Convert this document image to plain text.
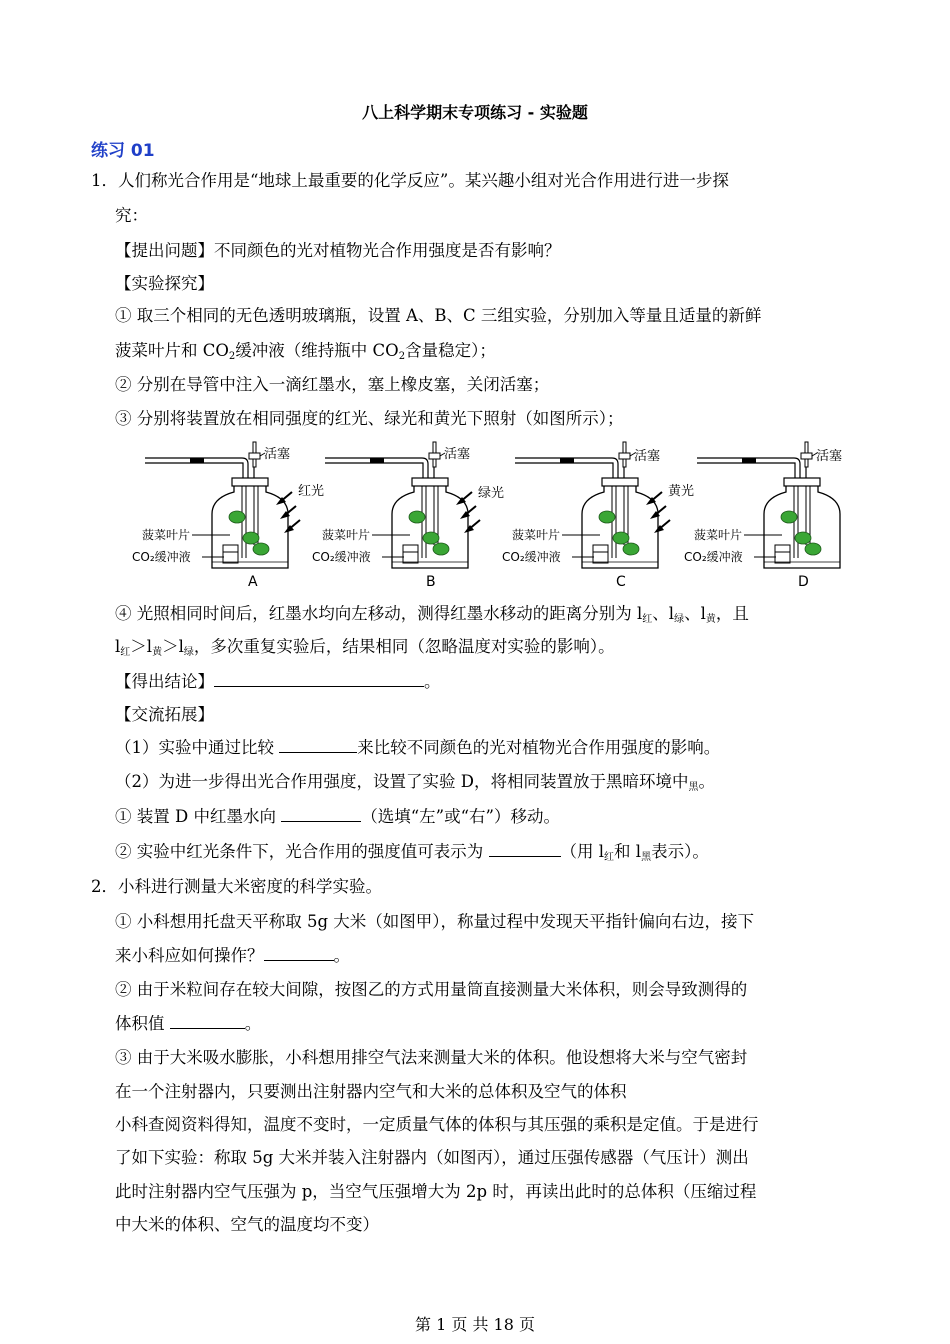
八上科学期末专项练习 - 实验题
练习 01
1．人们称光合作用是“地球上最重要的化学反应”。某兴趣小组对光合作用进行进一步探
究：
【提出问题】不同颜色的光对植物光合作用强度是否有影响？
【实验探究】
① 取三个相同的无色透明玻璃瓶，设置 A、B、C 三组实验，分别加入等量且适量的新鲜
菠菜叶片和 $CO_2$缓冲液（维持瓶中 $CO_2$含量稳定）；
② 分别在导管中注入一滴红墨水，塞上橡皮塞，关闭活塞；
③ 分别将装置放在相同强度的红光、绿光和黄光下照射（如图所示）；
活塞
红光
菠菜叶片
CO₂缓冲液
A
活塞
绿光
菠菜叶片
CO₂缓冲液
B
活塞
黄光
菠菜叶片
CO₂缓冲液
C
活塞
菠菜叶片
CO₂缓冲液
D
④ 光照相同时间后，红墨水均向左移动，测得红墨水移动的距离分别为 $l_红$、$l_绿$、$l_黄$，且
$l_红>l_黄>l_绿$，多次重复实验后，结果相同（忽略温度对实验的影响）。
【得出结论】	。
【交流拓展】
（1）实验中通过比较	来比较不同颜色的光对植物光合作用强度的影响。
（2）为进一步得出光合作用强度，设置了实验 D，将相同装置放于黑暗环境中$_黑$。
① 装置 D 中红墨水向	（选填“左”或“右”）移动。
② 实验中红光条件下，光合作用的强度值可表示为	（用 $l_红$和 $l_黑$表示）。
2．小科进行测量大米密度的科学实验。
① 小科想用托盘天平称取 5g 大米（如图甲），称量过程中发现天平指针偏向右边，接下
来小科应如何操作？	。
② 由于米粒间存在较大间隙，按图乙的方式用量筒直接测量大米体积，则会导致测得的
体积值	。
③ 由于大米吸水膨胀，小科想用排空气法来测量大米的体积。他设想将大米与空气密封
在一个注射器内，只要测出注射器内空气和大米的总体积及空气的体积
小科查阅资料得知，温度不变时，一定质量气体的体积与其压强的乘积是定值。于是进行
了如下实验：称取 5g 大米并装入注射器内（如图丙），通过压强传感器（气压计）测出
此时注射器内空气压强为 p，当空气压强增大为 2p 时，再读出此时的总体积（压缩过程
中大米的体积、空气的温度均不变）
第 1 页 共 18 页
